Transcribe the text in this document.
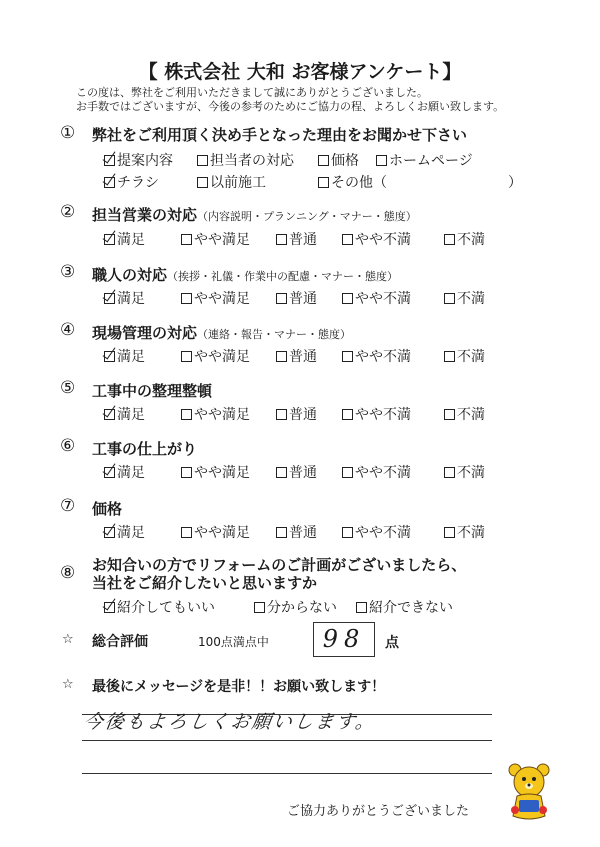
【 株式会社 大和 お客様アンケート】
この度は、弊社をご利用いただきまして誠にありがとうございました。
お手数ではございますが、今後の参考のためにご協力の程、よろしくお願い致します。
① 弊社をご利用頂く決め手となった理由をお聞かせ下さい
提案内容	担当者の対応	価格 ホームページ
チラシ	以前施工	その他（	）
② 担当営業の対応（内容説明・プランニング・マナー・態度）
満足	やや満足	普通	やや不満	不満
③ 職人の対応（挨拶・礼儀・作業中の配慮・マナー・態度）
満足	やや満足	普通	やや不満	不満
④ 現場管理の対応（連絡・報告・マナー・態度）
満足	やや満足	普通	やや不満	不満
⑤ 工事中の整理整頓
満足	やや満足	普通	やや不満	不満
⑥ 工事の仕上がり
満足	やや満足	普通	やや不満	不満
⑦ 価格
満足	やや満足	普通	やや不満	不満
⑧ お知合いの方でリフォームのご計画がございましたら、
当社をご紹介したいと思いますか
紹介してもいい	分からない 紹介できない
☆ 総合評価	100点満点中	98	点
☆ 最後にメッセージを是非！！お願い致します！
今後もよろしくお願いします。
ご協力ありがとうございました
